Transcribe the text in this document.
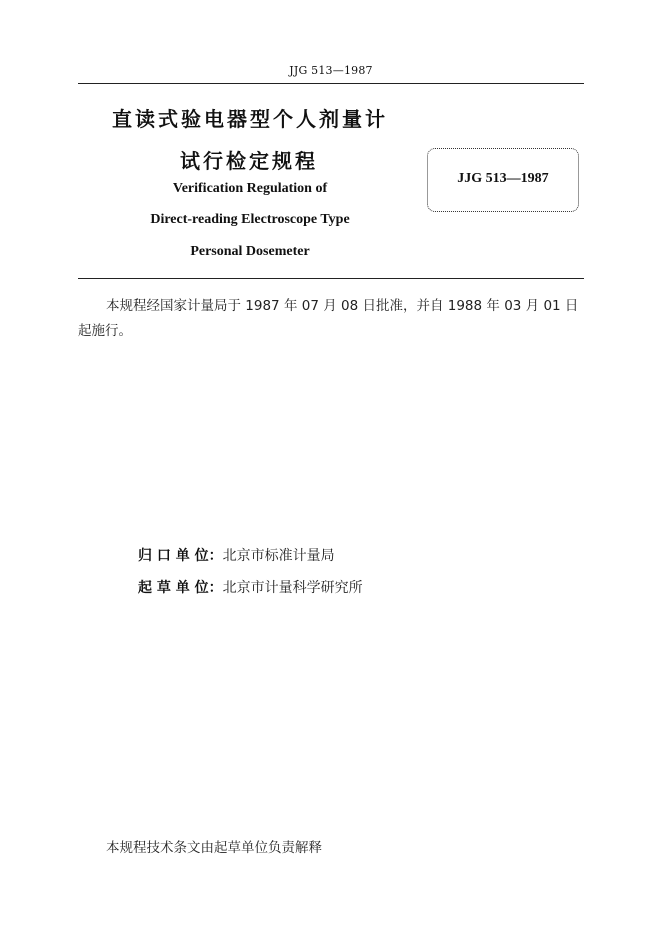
JJG 513—1987
直读式验电器型个人剂量计
试行检定规程
Verification Regulation of
Direct-reading Electroscope Type
Personal Dosemeter
JJG 513—1987
本规程经国家计量局于 1987 年 07 月 08 日批准，并自 1988 年 03 月 01 日
起施行。
归 口 单 位：北京市标准计量局
起 草 单 位：北京市计量科学研究所
本规程技术条文由起草单位负责解释
